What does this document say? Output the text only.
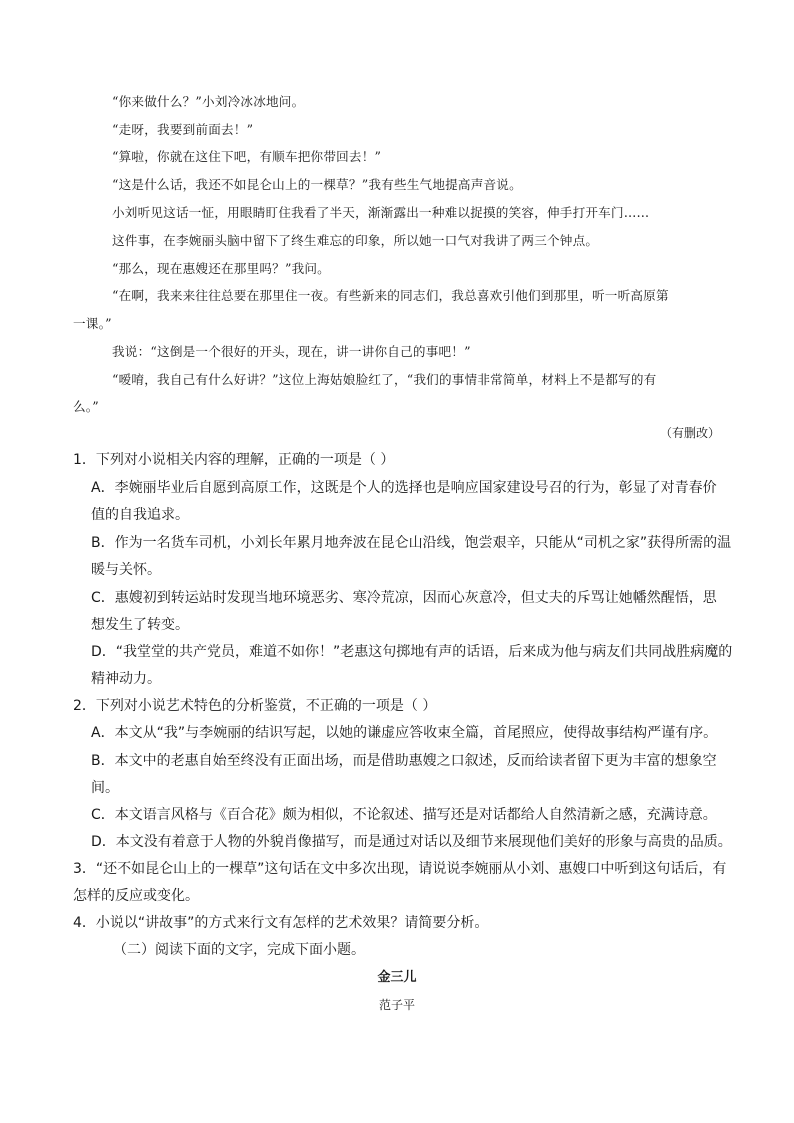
“你来做什么？”小刘冷冰冰地问。
“走呀，我要到前面去！”
“算啦，你就在这住下吧，有顺车把你带回去！”
“这是什么话，我还不如昆仑山上的一棵草？”我有些生气地提高声音说。
小刘听见这话一怔，用眼睛盯住我看了半天，渐渐露出一种难以捉摸的笑容，伸手打开车门……
这件事，在李婉丽头脑中留下了终生难忘的印象，所以她一口气对我讲了两三个钟点。
“那么，现在惠嫂还在那里吗？”我问。
“在啊，我来来往往总要在那里住一夜。有些新来的同志们，我总喜欢引他们到那里，听一听高原第
一课。”
我说：“这倒是一个很好的开头，现在，讲一讲你自己的事吧！”
“嗳唷，我自己有什么好讲？”这位上海姑娘脸红了，“我们的事情非常简单，材料上不是都写的有
么。”
（有删改）
1．下列对小说相关内容的理解，正确的一项是（ ）
A．李婉丽毕业后自愿到高原工作，这既是个人的选择也是响应国家建设号召的行为，彰显了对青春价
值的自我追求。
B．作为一名货车司机，小刘长年累月地奔波在昆仑山沿线，饱尝艰辛，只能从“司机之家”获得所需的温
暖与关怀。
C．惠嫂初到转运站时发现当地环境恶劣、寒冷荒凉，因而心灰意冷，但丈夫的斥骂让她幡然醒悟，思
想发生了转变。
D．“我堂堂的共产党员，难道不如你！”老惠这句掷地有声的话语，后来成为他与病友们共同战胜病魔的
精神动力。
2．下列对小说艺术特色的分析鉴赏，不正确的一项是（ ）
A．本文从“我”与李婉丽的结识写起，以她的谦虚应答收束全篇，首尾照应，使得故事结构严谨有序。
B．本文中的老惠自始至终没有正面出场，而是借助惠嫂之口叙述，反而给读者留下更为丰富的想象空
间。
C．本文语言风格与《百合花》颇为相似，不论叙述、描写还是对话都给人自然清新之感，充满诗意。
D．本文没有着意于人物的外貌肖像描写，而是通过对话以及细节来展现他们美好的形象与高贵的品质。
3．“还不如昆仑山上的一棵草”这句话在文中多次出现，请说说李婉丽从小刘、惠嫂口中听到这句话后，有
怎样的反应或变化。
4．小说以“讲故事”的方式来行文有怎样的艺术效果？请简要分析。
（二）阅读下面的文字，完成下面小题。
金三儿
范子平
